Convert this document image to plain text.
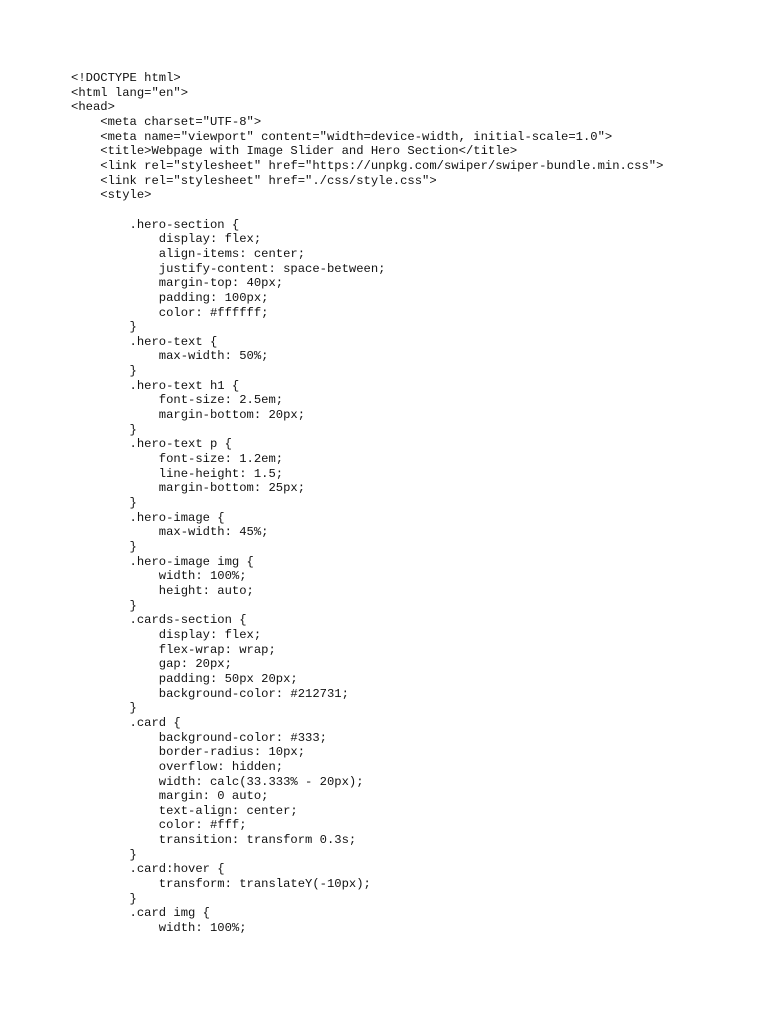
<!DOCTYPE html>
<html lang="en">
<head>
<meta charset="UTF-8">
<meta name="viewport" content="width=device-width, initial-scale=1.0">
<title>Webpage with Image Slider and Hero Section</title>
<link rel="stylesheet" href="https://unpkg.com/swiper/swiper-bundle.min.css">
<link rel="stylesheet" href="./css/style.css">
<style>
.hero-section {
display: flex;
align-items: center;
justify-content: space-between;
margin-top: 40px;
padding: 100px;
color: #ffffff;
}
.hero-text {
max-width: 50%;
}
.hero-text h1 {
font-size: 2.5em;
margin-bottom: 20px;
}
.hero-text p {
font-size: 1.2em;
line-height: 1.5;
margin-bottom: 25px;
}
.hero-image {
max-width: 45%;
}
.hero-image img {
width: 100%;
height: auto;
}
.cards-section {
display: flex;
flex-wrap: wrap;
gap: 20px;
padding: 50px 20px;
background-color: #212731;
}
.card {
background-color: #333;
border-radius: 10px;
overflow: hidden;
width: calc(33.333% - 20px);
margin: 0 auto;
text-align: center;
color: #fff;
transition: transform 0.3s;
}
.card:hover {
transform: translateY(-10px);
}
.card img {
width: 100%;
